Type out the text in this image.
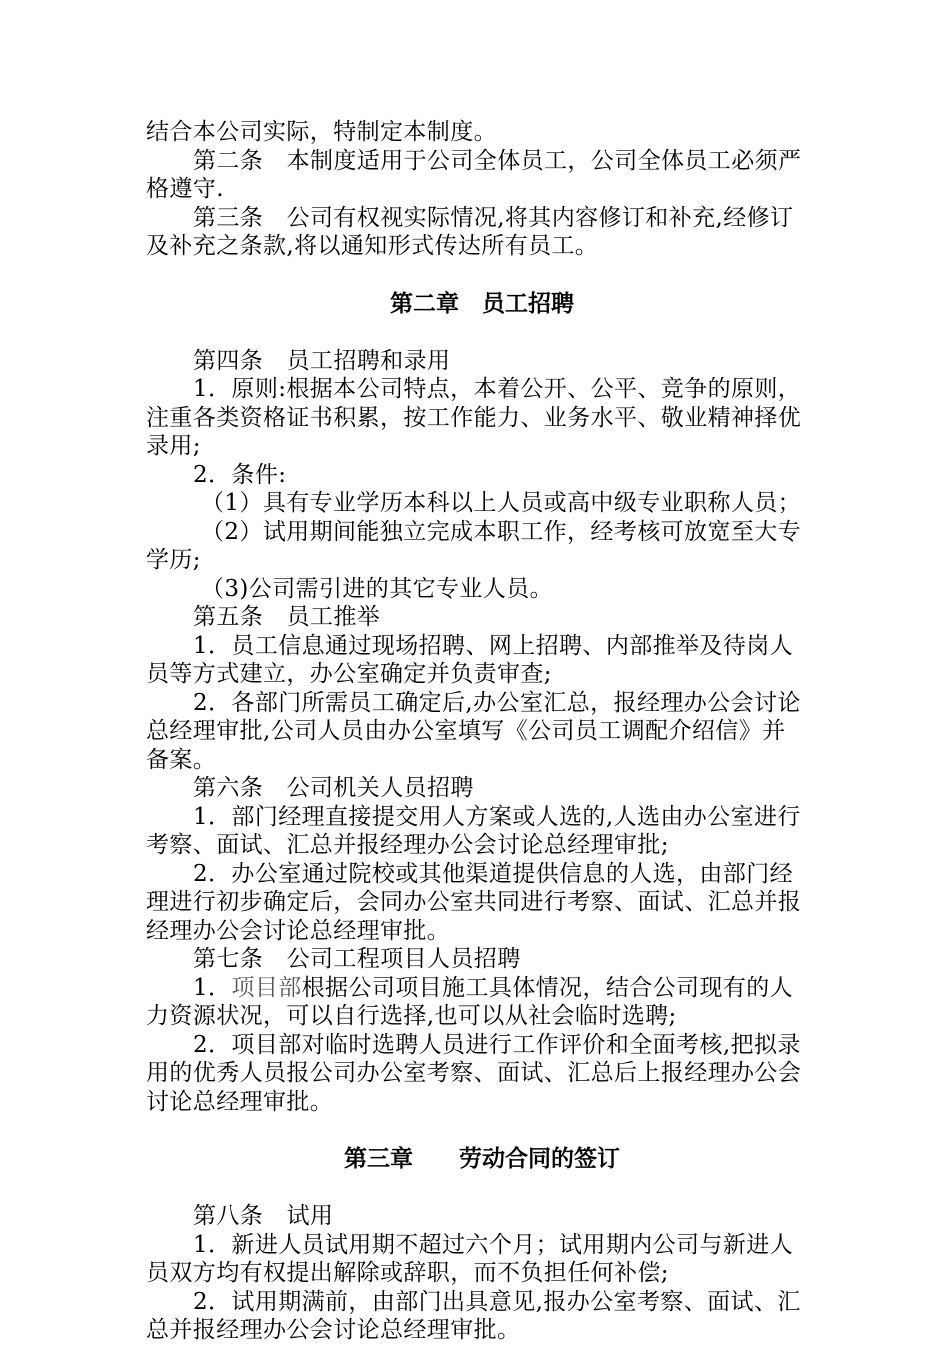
结合本公司实际，特制定本制度。
第二条　本制度适用于公司全体员工，公司全体员工必须严
格遵守.
第三条　公司有权视实际情况,将其内容修订和补充,经修订
及补充之条款,将以通知形式传达所有员工。
第二章　员工招聘
第四条　员工招聘和录用
1．原则:根据本公司特点，本着公开、公平、竞争的原则，
注重各类资格证书积累，按工作能力、业务水平、敬业精神择优
录用;
2．条件:
（1）具有专业学历本科以上人员或高中级专业职称人员；
（2）试用期间能独立完成本职工作，经考核可放宽至大专
学历;
（3)公司需引进的其它专业人员。
第五条　员工推举
1．员工信息通过现场招聘、网上招聘、内部推举及待岗人
员等方式建立，办公室确定并负责审查;
2．各部门所需员工确定后,办公室汇总，报经理办公会讨论
总经理审批,公司人员由办公室填写《公司员工调配介绍信》并
备案。
第六条　公司机关人员招聘
1．部门经理直接提交用人方案或人选的,人选由办公室进行
考察、面试、汇总并报经理办公会讨论总经理审批;
2．办公室通过院校或其他渠道提供信息的人选，由部门经
理进行初步确定后，会同办公室共同进行考察、面试、汇总并报
经理办公会讨论总经理审批。
第七条　公司工程项目人员招聘
1．项目部根据公司项目施工具体情况，结合公司现有的人
力资源状况，可以自行选择,也可以从社会临时选聘;
2．项目部对临时选聘人员进行工作评价和全面考核,把拟录
用的优秀人员报公司办公室考察、面试、汇总后上报经理办公会
讨论总经理审批。
第三章　　劳动合同的签订
第八条　试用
1．新进人员试用期不超过六个月；试用期内公司与新进人
员双方均有权提出解除或辞职，而不负担任何补偿;
2．试用期满前，由部门出具意见,报办公室考察、面试、汇
总并报经理办公会讨论总经理审批。
